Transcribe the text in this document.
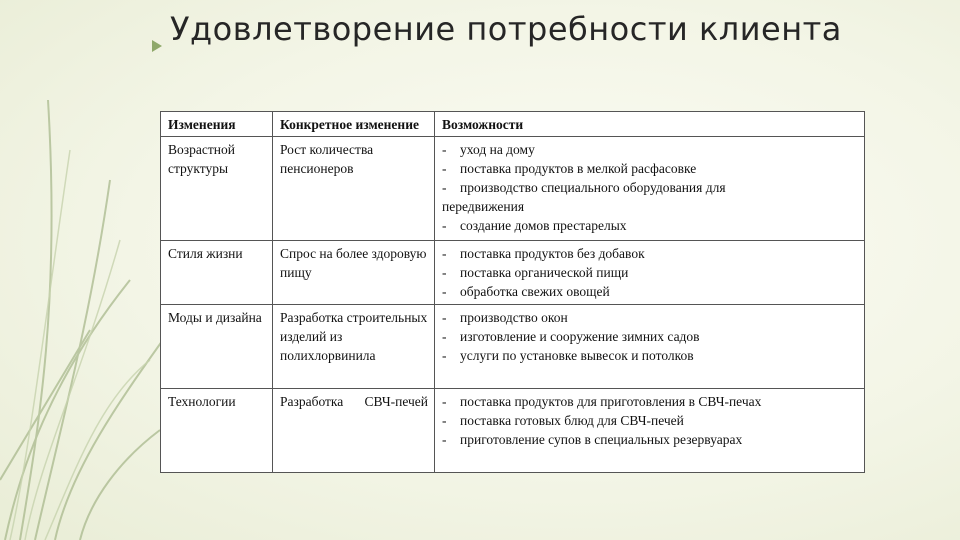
Удовлетворение потребности клиента
Изменения	Конкретное изменение	Возможности
Возрастной структуры	Рост количества пенсионеров	- уход на дому
- поставка продуктов в мелкой расфасовке
- производство специального оборудования для
передвижения
- создание домов престарелых

Стиля жизни	Спрос на более здоровую пищу	- поставка продуктов без добавок
- поставка органической пищи
- обработка свежих овощей

Моды и дизайна	Разработка строительных изделий из полихлорвинила	- производство окон
- изготовление и сооружение зимних садов
- услуги по установке вывесок и потолков

Технологии	Разработка СВЧ-печей	- поставка продуктов для приготовления в СВЧ-печах
- поставка готовых блюд для СВЧ-печей
- приготовление супов в специальных резервуарах
